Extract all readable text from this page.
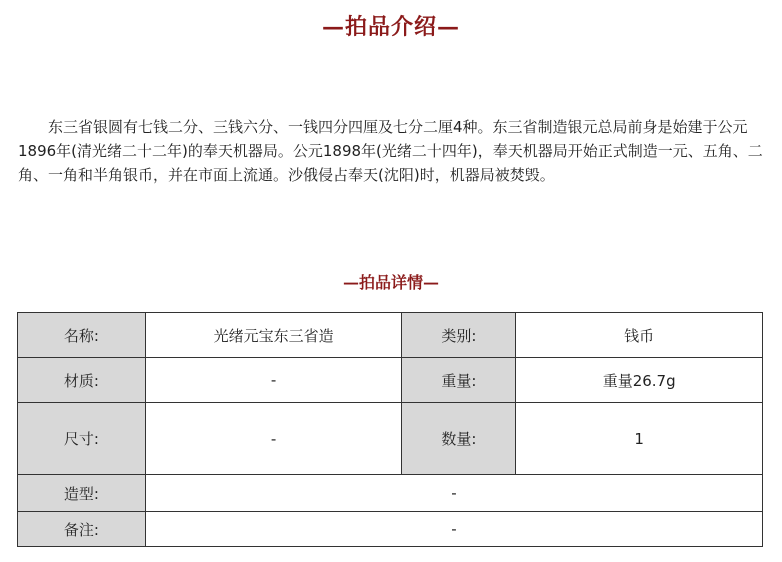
—拍品介绍—

东三省银圆有七钱二分、三钱六分、一钱四分四厘及七分二厘4种。东三省制造银元总局前身是始建于公元1896年(清光绪二十二年)的奉天机器局。公元1898年(光绪二十四年)，奉天机器局开始正式制造一元、五角、二角、一角和半角银币，并在市面上流通。沙俄侵占奉天(沈阳)时，机器局被焚毁。

—拍品详情—
名称:	光绪元宝东三省造	类别:	钱币
材质:	-	重量:	重量26.7g
尺寸:	-	数量:	1
造型:	-		
备注:	-		
